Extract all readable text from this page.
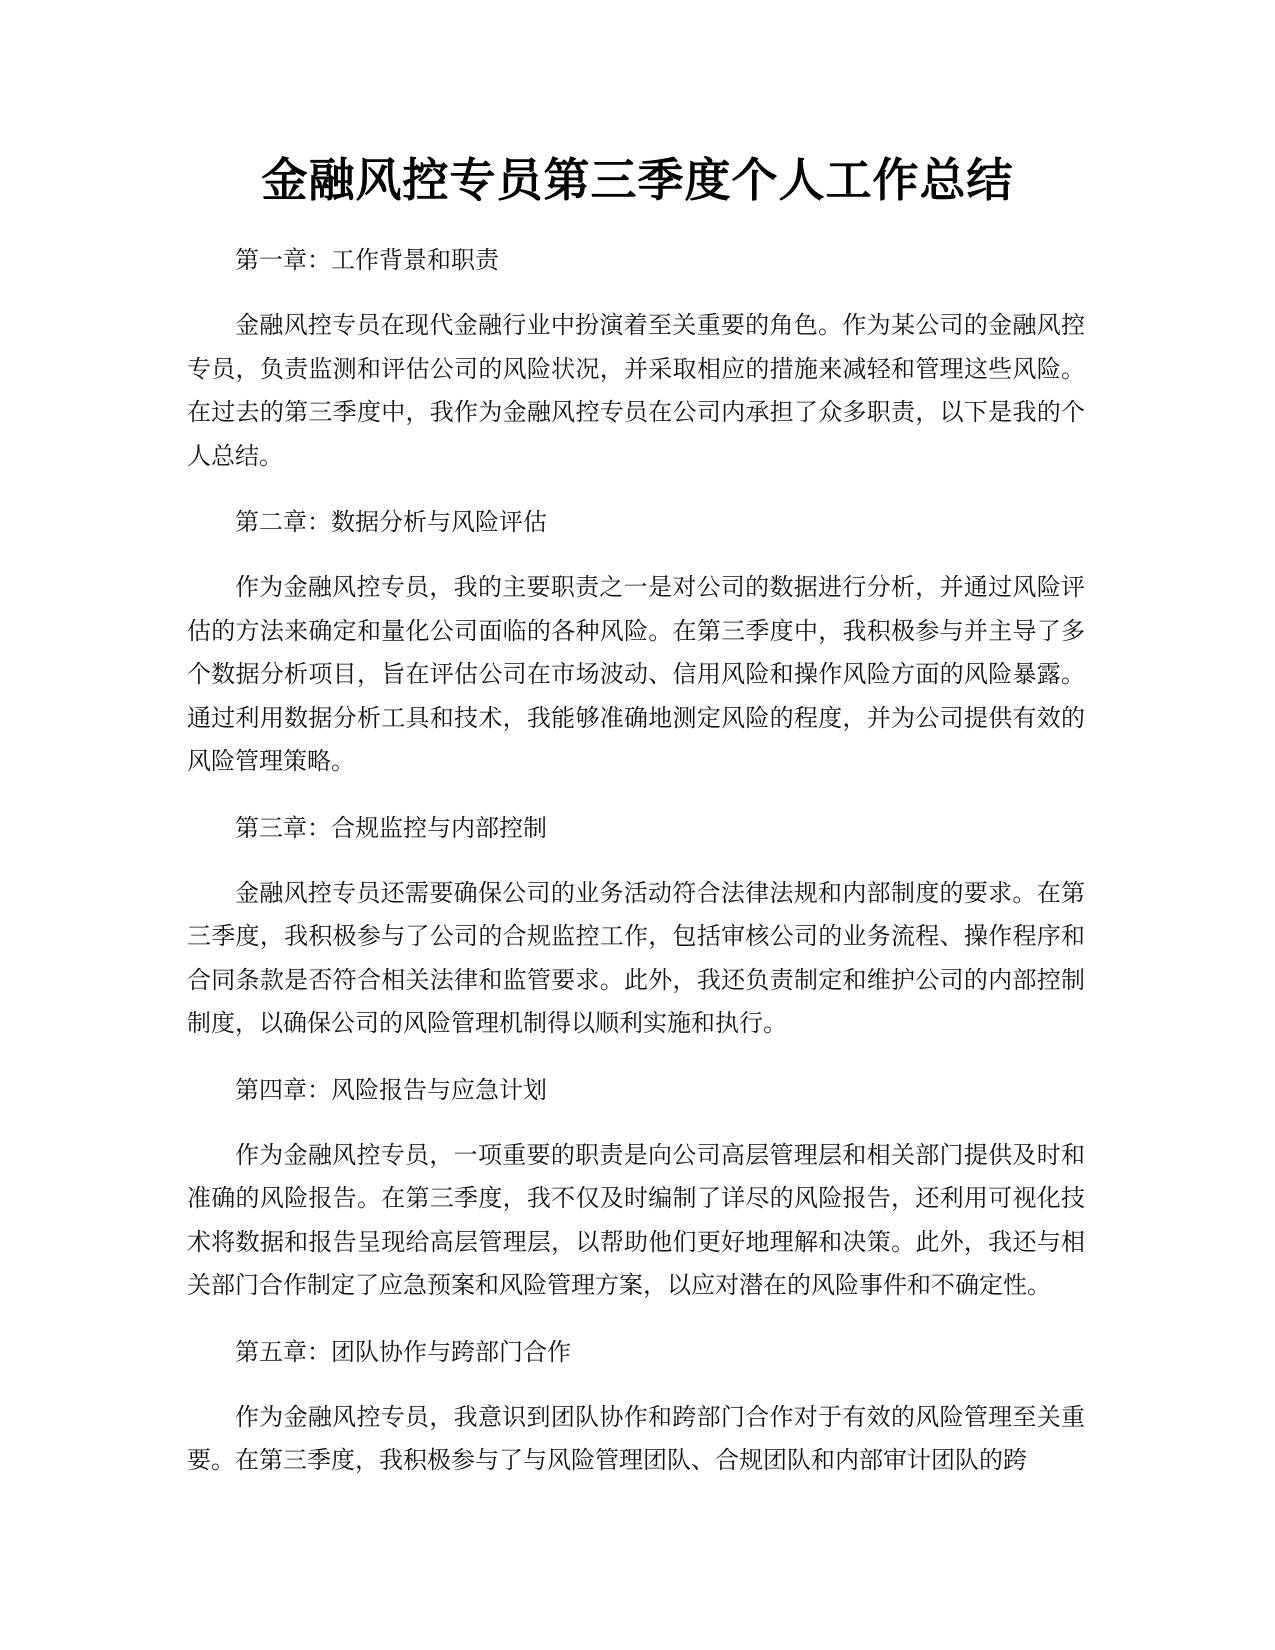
金融风控专员第三季度个人工作总结

第一章：工作背景和职责

金融风控专员在现代金融行业中扮演着至关重要的角色。作为某公司的金融风控专员，负责监测和评估公司的风险状况，并采取相应的措施来减轻和管理这些风险。在过去的第三季度中，我作为金融风控专员在公司内承担了众多职责，以下是我的个人总结。

第二章：数据分析与风险评估

作为金融风控专员，我的主要职责之一是对公司的数据进行分析，并通过风险评估的方法来确定和量化公司面临的各种风险。在第三季度中，我积极参与并主导了多个数据分析项目，旨在评估公司在市场波动、信用风险和操作风险方面的风险暴露。通过利用数据分析工具和技术，我能够准确地测定风险的程度，并为公司提供有效的风险管理策略。

第三章：合规监控与内部控制

金融风控专员还需要确保公司的业务活动符合法律法规和内部制度的要求。在第三季度，我积极参与了公司的合规监控工作，包括审核公司的业务流程、操作程序和合同条款是否符合相关法律和监管要求。此外，我还负责制定和维护公司的内部控制制度，以确保公司的风险管理机制得以顺利实施和执行。

第四章：风险报告与应急计划

作为金融风控专员，一项重要的职责是向公司高层管理层和相关部门提供及时和准确的风险报告。在第三季度，我不仅及时编制了详尽的风险报告，还利用可视化技术将数据和报告呈现给高层管理层，以帮助他们更好地理解和决策。此外，我还与相关部门合作制定了应急预案和风险管理方案，以应对潜在的风险事件和不确定性。

第五章：团队协作与跨部门合作

作为金融风控专员，我意识到团队协作和跨部门合作对于有效的风险管理至关重要。在第三季度，我积极参与了与风险管理团队、合规团队和内部审计团队的跨
